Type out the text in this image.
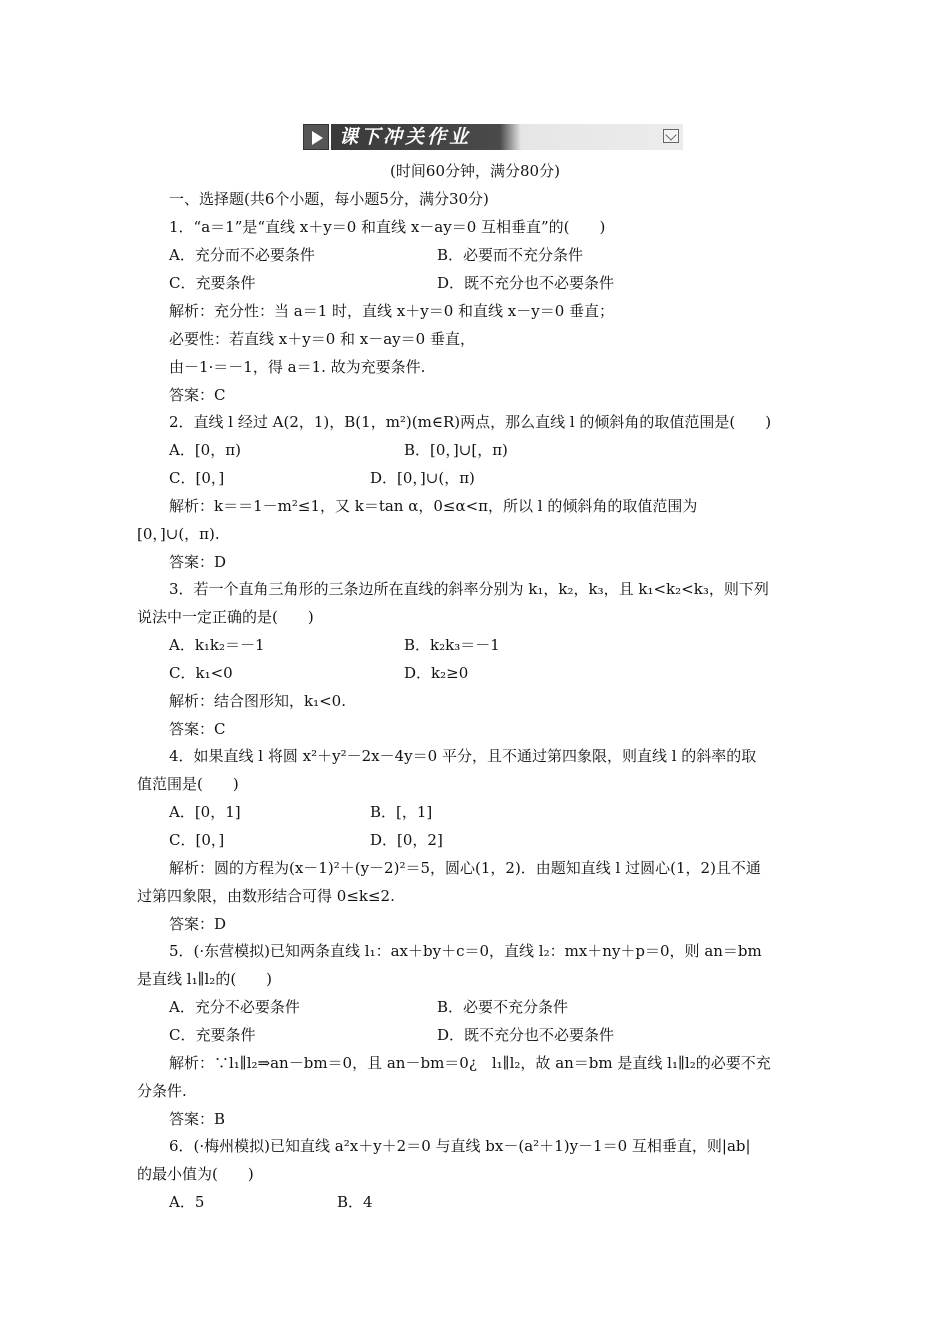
课下冲关作业
(时间60分钟，满分80分)
一、选择题(共6个小题，每小题5分，满分30分)
1．“a＝1”是“直线 x＋y＝0 和直线 x－ay＝0 互相垂直”的(　　)
A．充分而不必要条件	B．必要而不充分条件
C．充要条件	D．既不充分也不必要条件
解析：充分性：当 a＝1 时，直线 x＋y＝0 和直线 x－y＝0 垂直；
必要性：若直线 x＋y＝0 和 x－ay＝0 垂直，
由－1·＝－1，得 a＝1. 故为充要条件.
答案：C
2．直线 l 经过 A(2，1)，B(1，m²)(m∈R)两点，那么直线 l 的倾斜角的取值范围是(　　)
A．[0，π)	B．[0，]∪[，π)
C．[0，]	D．[0，]∪(，π)
解析：k＝＝1－m²≤1，又 k＝tan α，0≤α<π，所以 l 的倾斜角的取值范围为
[0，]∪(，π).
答案：D
3．若一个直角三角形的三条边所在直线的斜率分别为 k₁，k₂，k₃，且 k₁<k₂<k₃，则下列
说法中一定正确的是(　　)
A．k₁k₂＝－1	B．k₂k₃＝－1
C．k₁<0	D．k₂≥0
解析：结合图形知，k₁<0.
答案：C
4．如果直线 l 将圆 x²＋y²－2x－4y＝0 平分，且不通过第四象限，则直线 l 的斜率的取
值范围是(　　)
A．[0，1]	B．[，1]
C．[0，]	D．[0，2]
解析：圆的方程为(x－1)²＋(y－2)²＝5，圆心(1，2)．由题知直线 l 过圆心(1，2)且不通
过第四象限，由数形结合可得 0≤k≤2.
答案：D
5．(·东营模拟)已知两条直线 l₁：ax＋by＋c＝0，直线 l₂：mx＋ny＋p＝0，则 an＝bm
是直线 l₁∥l₂的(　　)
A．充分不必要条件	B．必要不充分条件
C．充要条件	D．既不充分也不必要条件
解析：∵l₁∥l₂⇒an－bm＝0，且 an－bm＝0¿　l₁∥l₂，故 an＝bm 是直线 l₁∥l₂的必要不充
分条件.
答案：B
6．(·梅州模拟)已知直线 a²x＋y＋2＝0 与直线 bx－(a²＋1)y－1＝0 互相垂直，则|ab|
的最小值为(　　)
A．5	B．4
